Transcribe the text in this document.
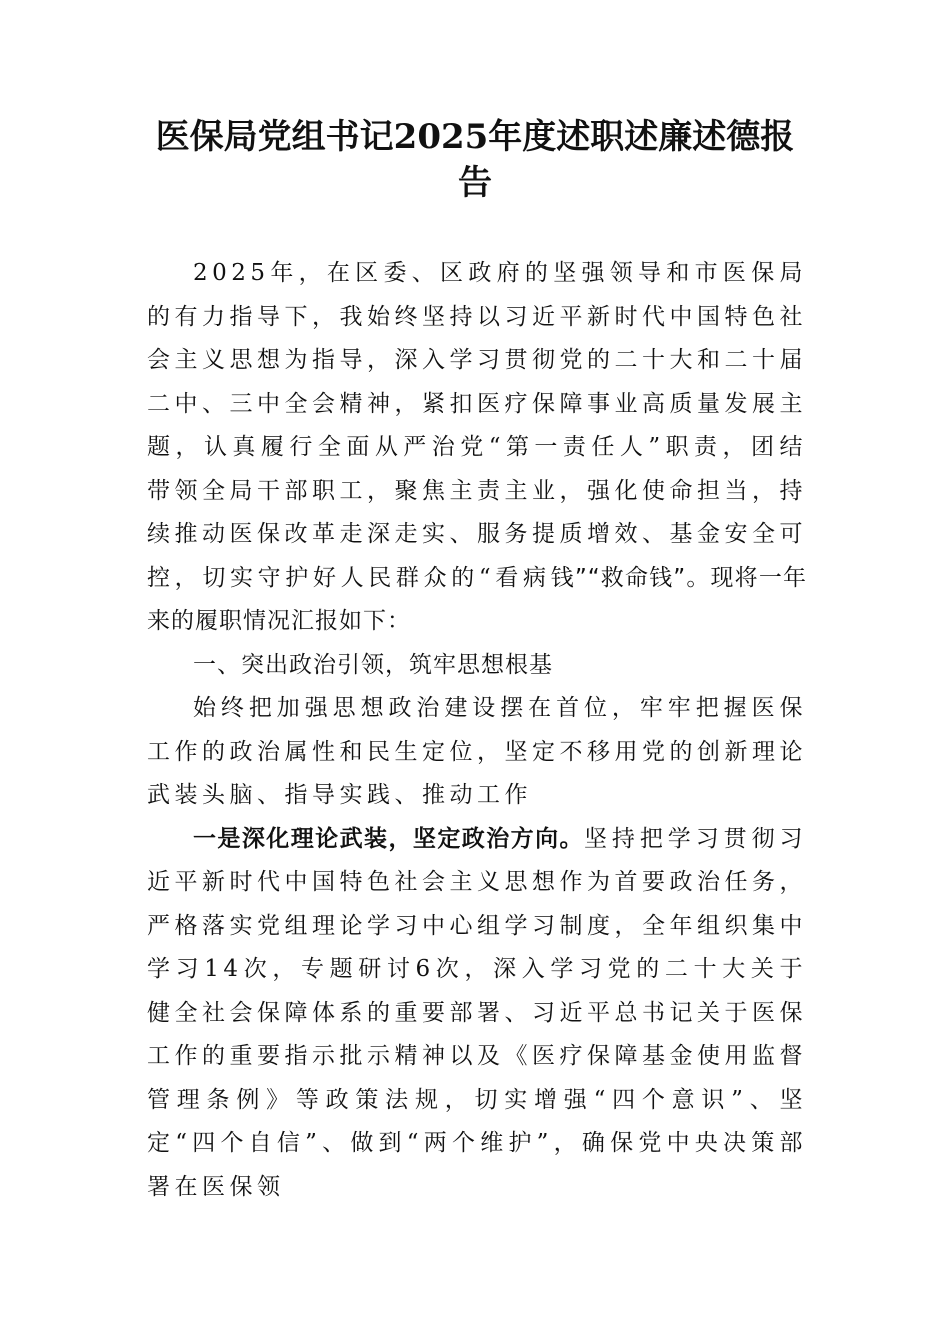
医保局党组书记2025年度述职述廉述德报告

2025年，在区委、区政府的坚强领导和市医保局的有力指导下，我始终坚持以习近平新时代中国特色社会主义思想为指导，深入学习贯彻党的二十大和二十届二中、三中全会精神，紧扣医疗保障事业高质量发展主题，认真履行全面从严治党“第一责任人”职责，团结带领全局干部职工，聚焦主责主业，强化使命担当，持续推动医保改革走深走实、服务提质增效、基金安全可控，切实守护好人民群众的“看病钱”“救命钱”。现将一年来的履职情况汇报如下：

一、突出政治引领，筑牢思想根基

始终把加强思想政治建设摆在首位，牢牢把握医保工作的政治属性和民生定位，坚定不移用党的创新理论武装头脑、指导实践、推动工作

一是深化理论武装，坚定政治方向。坚持把学习贯彻习近平新时代中国特色社会主义思想作为首要政治任务，严格落实党组理论学习中心组学习制度，全年组织集中学习14次，专题研讨6次，深入学习党的二十大关于健全社会保障体系的重要部署、习近平总书记关于医保工作的重要指示批示精神以及《医疗保障基金使用监督管理条例》等政策法规，切实增强“四个意识”、坚定“四个自信”、做到“两个维护”，确保党中央决策部署在医保领
